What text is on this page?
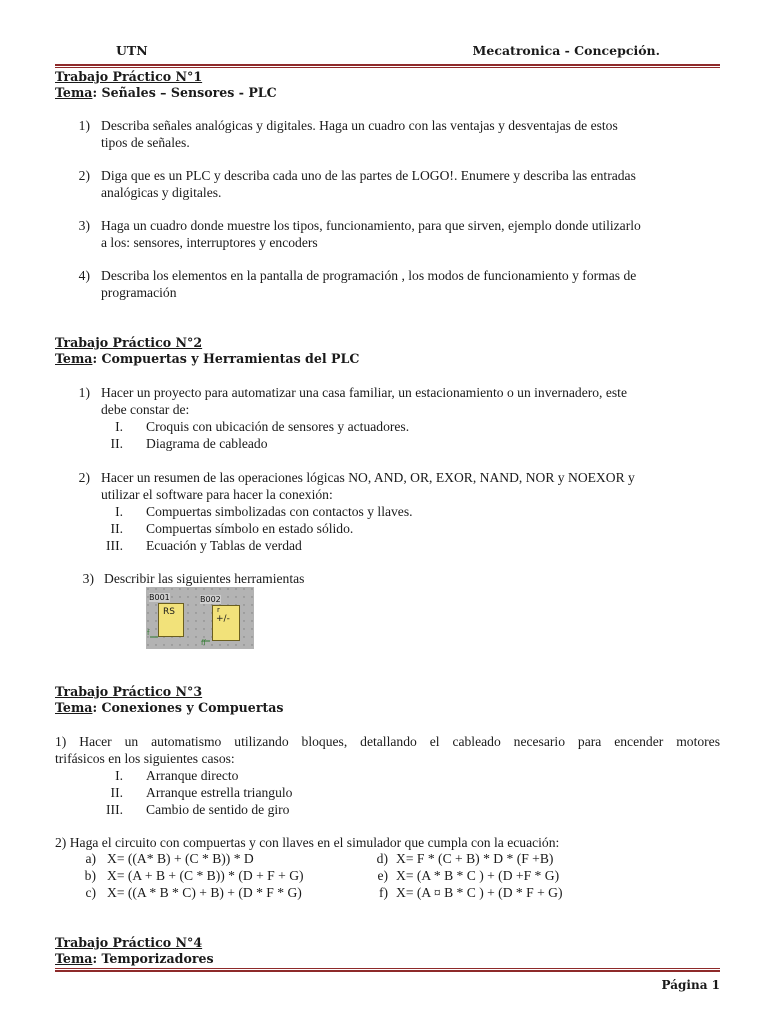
UTN	Mecatronica - Concepción.
Trabajo Práctico N°1
Tema: Señales – Sensores - PLC
1) Describa señales analógicas y digitales. Haga un cuadro con las ventajas y desventajas de estos
tipos de señales.
2) Diga que es un PLC y describa cada uno de las partes de LOGO!. Enumere y describa las entradas
analógicas y digitales.
3) Haga un cuadro donde muestre los tipos, funcionamiento, para que sirven, ejemplo donde utilizarlo
a los: sensores, interruptores y encoders
4) Describa los elementos en la pantalla de programación , los modos de funcionamiento y formas de
programación
Trabajo Práctico N°2
Tema: Compuertas y Herramientas del PLC
1) Hacer un proyecto para automatizar una casa familiar, un estacionamiento o un invernadero, este
debe constar de:
I. Croquis con ubicación de sensores y actuadores.
II. Diagrama de cableado
2) Hacer un resumen de las operaciones lógicas NO, AND, OR, EXOR, NAND, NOR y NOEXOR y
utilizar el software para hacer la conexión:
I. Compuertas simbolizadas con contactos y llaves.
II. Compuertas símbolo en estado sólido.
III. Ecuación y Tablas de verdad
3) Describir las siguientes herramientas
B001
RS
B002
r
+/-
f
ff
Trabajo Práctico N°3
Tema: Conexiones y Compuertas
1) Hacer un automatismo utilizando bloques, detallando el cableado necesario para encender motores
trifásicos en los siguientes casos:
I. Arranque directo
II. Arranque estrella triangulo
III. Cambio de sentido de giro
2) Haga el circuito con compuertas y con llaves en el simulador que cumpla con la ecuación:
a) X= ((A* B) + (C * B)) * D
b) X= (A + B + (C * B)) * (D + F + G)
c) X= ((A * B * C) + B) + (D * F * G)
d) X= F * (C + B) * D * (F +B)
e) X= (A * B * C ) + (D +F * G)
f) X= (A ¤ B * C ) + (D * F + G)
Trabajo Práctico N°4
Tema: Temporizadores
Página 1
